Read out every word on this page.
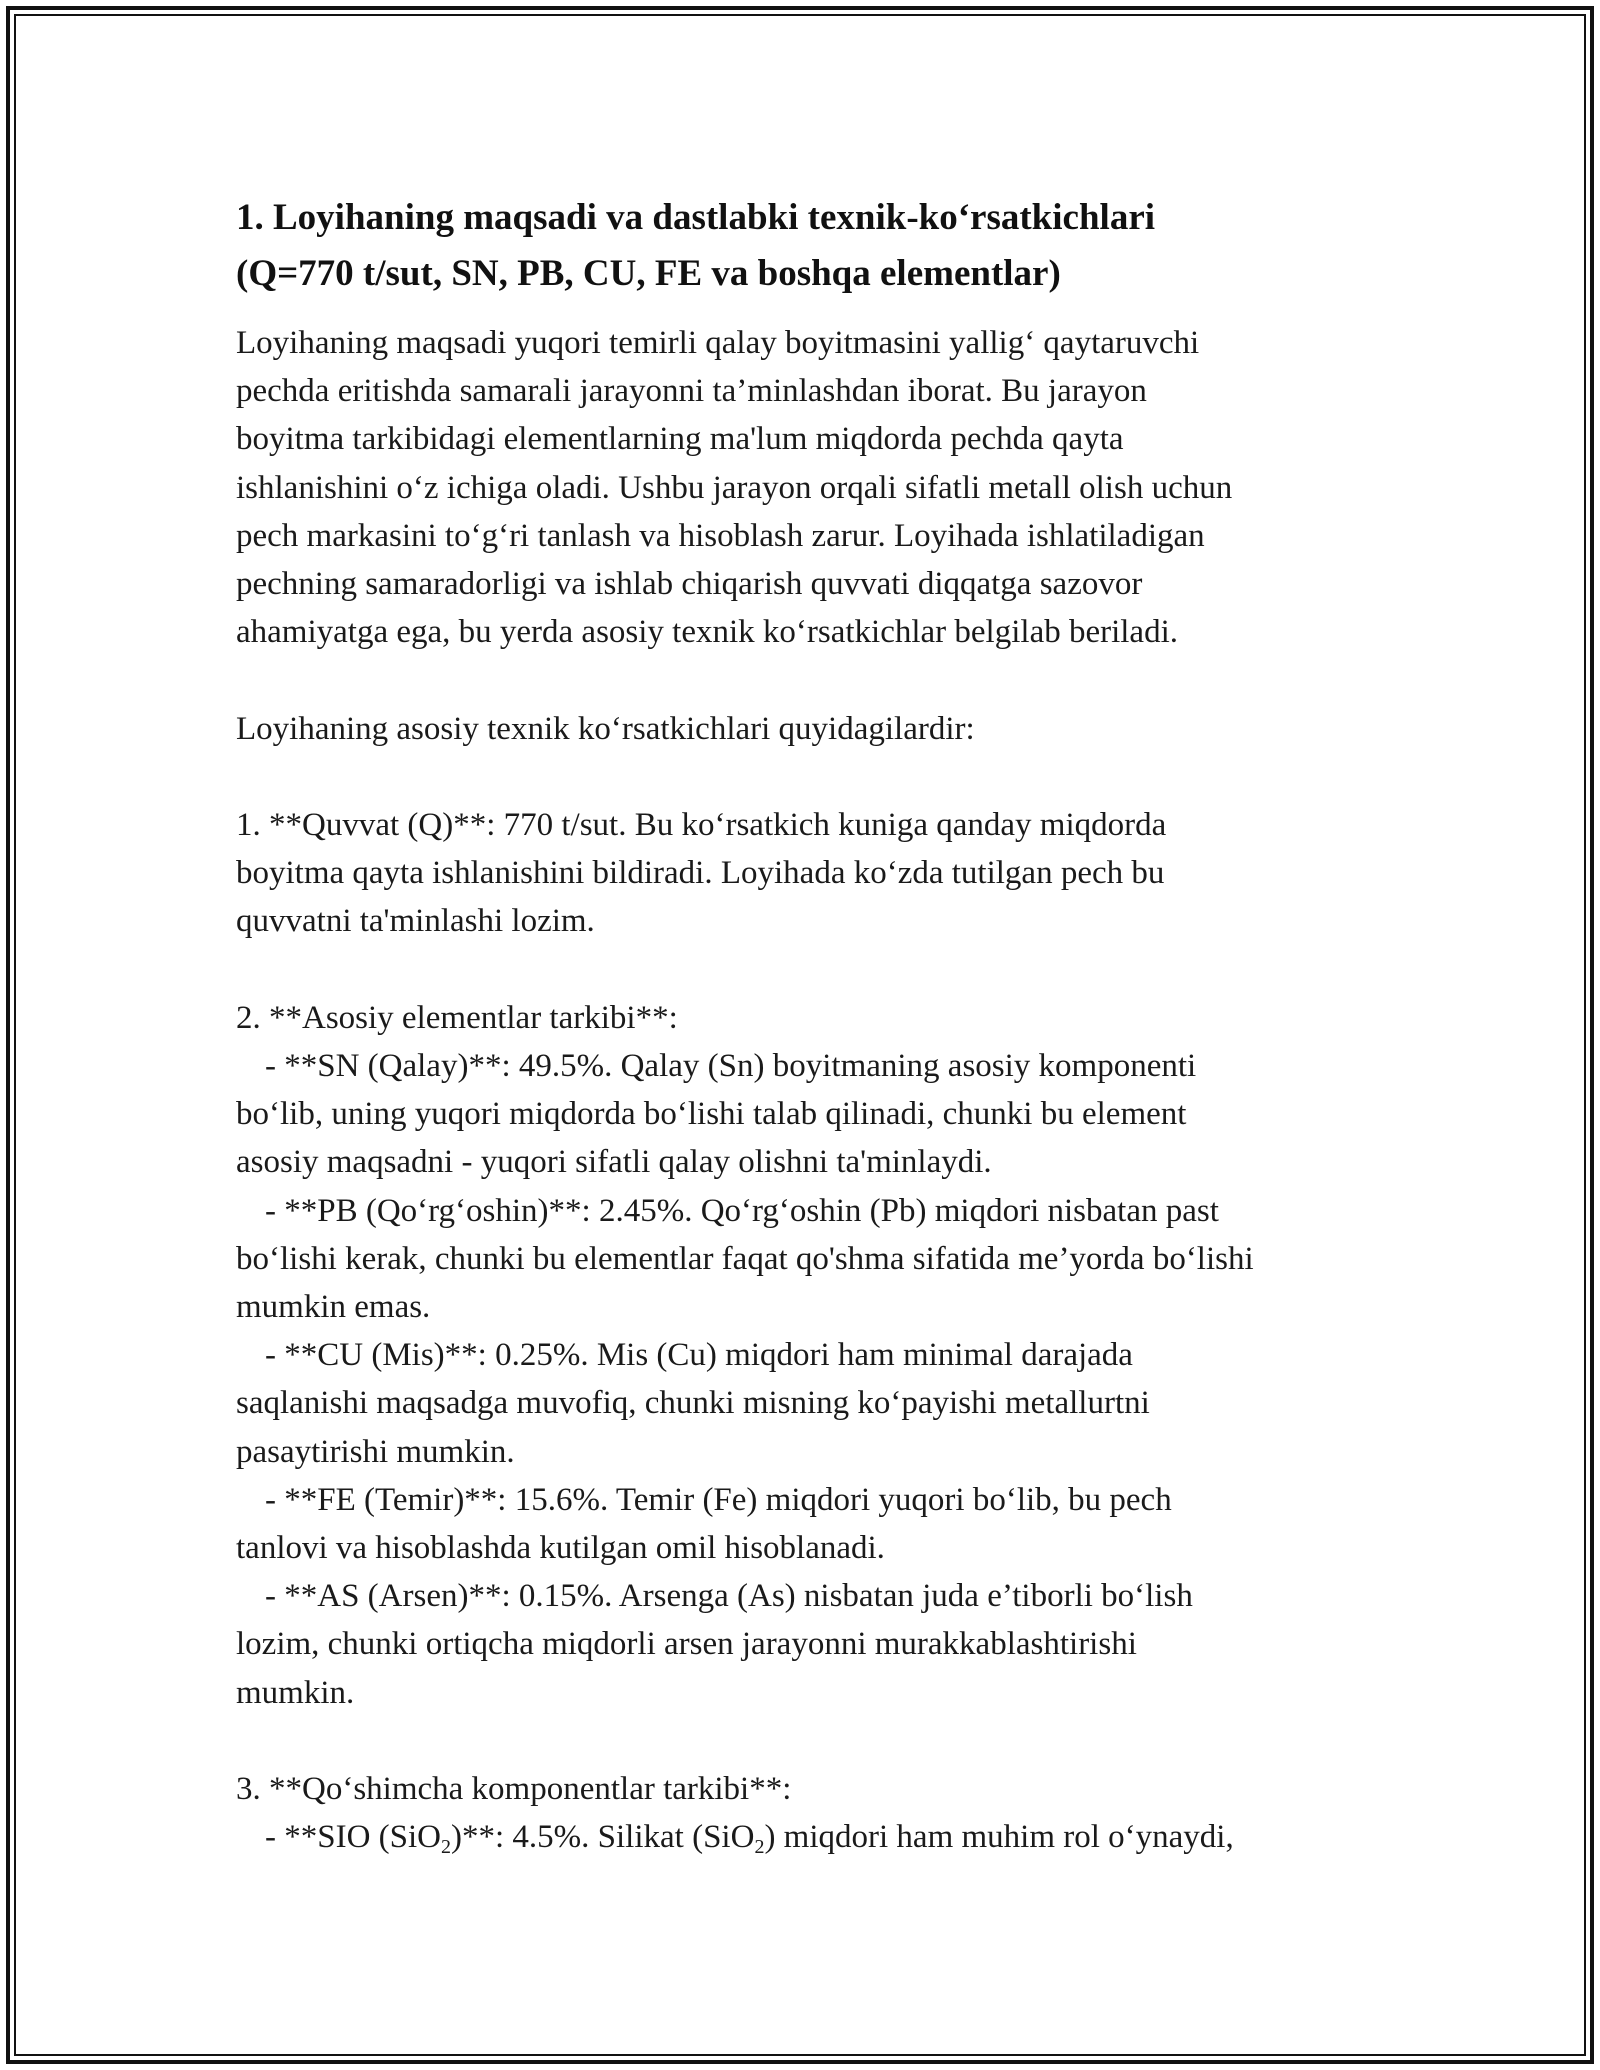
1. Loyihaning maqsadi va dastlabki texnik-ko‘rsatkichlari
(Q=770 t/sut, SN, PB, CU, FE va boshqa elementlar)
Loyihaning maqsadi yuqori temirli qalay boyitmasini yallig‘ qaytaruvchi
pechda eritishda samarali jarayonni ta’minlashdan iborat. Bu jarayon
boyitma tarkibidagi elementlarning ma'lum miqdorda pechda qayta
ishlanishini o‘z ichiga oladi. Ushbu jarayon orqali sifatli metall olish uchun
pech markasini to‘g‘ri tanlash va hisoblash zarur. Loyihada ishlatiladigan
pechning samaradorligi va ishlab chiqarish quvvati diqqatga sazovor
ahamiyatga ega, bu yerda asosiy texnik ko‘rsatkichlar belgilab beriladi.
Loyihaning asosiy texnik ko‘rsatkichlari quyidagilardir:
1. **Quvvat (Q)**: 770 t/sut. Bu ko‘rsatkich kuniga qanday miqdorda
boyitma qayta ishlanishini bildiradi. Loyihada ko‘zda tutilgan pech bu
quvvatni ta'minlashi lozim.
2. **Asosiy elementlar tarkibi**:
- **SN (Qalay)**: 49.5%. Qalay (Sn) boyitmaning asosiy komponenti
bo‘lib, uning yuqori miqdorda bo‘lishi talab qilinadi, chunki bu element
asosiy maqsadni - yuqori sifatli qalay olishni ta'minlaydi.
- **PB (Qo‘rg‘oshin)**: 2.45%. Qo‘rg‘oshin (Pb) miqdori nisbatan past
bo‘lishi kerak, chunki bu elementlar faqat qo'shma sifatida me’yorda bo‘lishi
mumkin emas.
- **CU (Mis)**: 0.25%. Mis (Cu) miqdori ham minimal darajada
saqlanishi maqsadga muvofiq, chunki misning ko‘payishi metallurtni
pasaytirishi mumkin.
- **FE (Temir)**: 15.6%. Temir (Fe) miqdori yuqori bo‘lib, bu pech
tanlovi va hisoblashda kutilgan omil hisoblanadi.
- **AS (Arsen)**: 0.15%. Arsenga (As) nisbatan juda e’tiborli bo‘lish
lozim, chunki ortiqcha miqdorli arsen jarayonni murakkablashtirishi
mumkin.
3. **Qo‘shimcha komponentlar tarkibi**:
- **SIO (SiO$_2$)**: 4.5%. Silikat (SiO$_2$) miqdori ham muhim rol o‘ynaydi,
